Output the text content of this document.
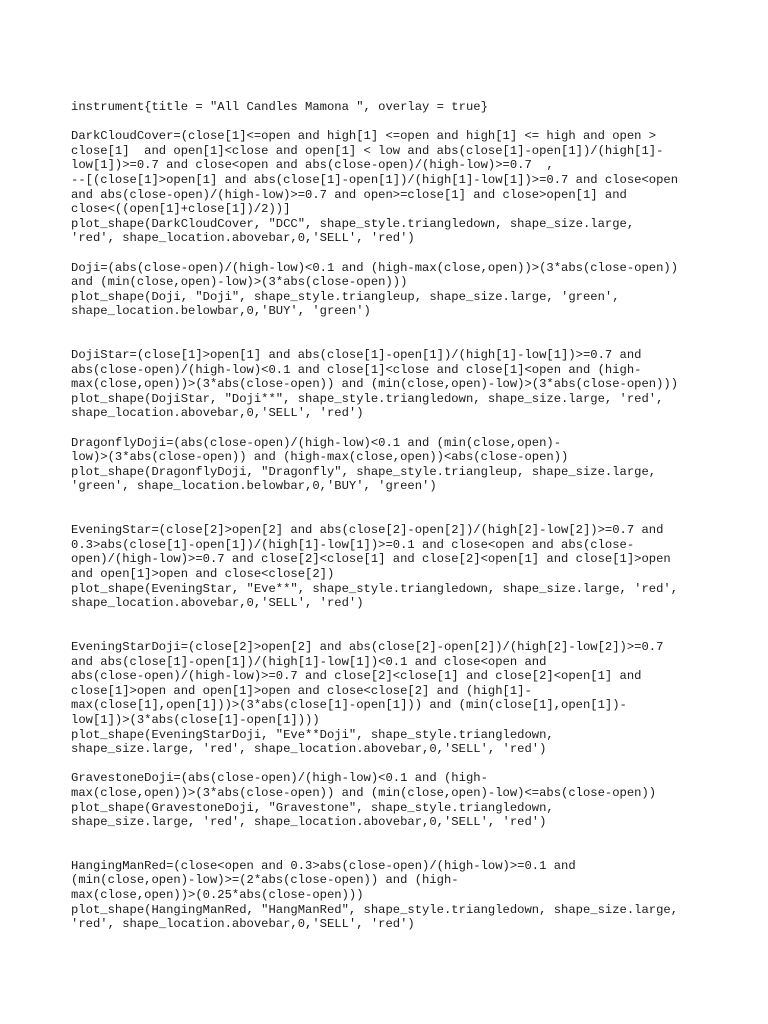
instrument{title = "All Candles Mamona ", overlay = true}
DarkCloudCover=(close[1]<=open and high[1] <=open and high[1] <= high and open >
close[1]  and open[1]<close and open[1] < low and abs(close[1]-open[1])/(high[1]-
low[1])>=0.7 and close<open and abs(close-open)/(high-low)>=0.7  ,
--[(close[1]>open[1] and abs(close[1]-open[1])/(high[1]-low[1])>=0.7 and close<open
and abs(close-open)/(high-low)>=0.7 and open>=close[1] and close>open[1] and
close<((open[1]+close[1])/2))]
plot_shape(DarkCloudCover, "DCC", shape_style.triangledown, shape_size.large,
'red', shape_location.abovebar,0,'SELL', 'red')
Doji=(abs(close-open)/(high-low)<0.1 and (high-max(close,open))>(3*abs(close-open))
and (min(close,open)-low)>(3*abs(close-open)))
plot_shape(Doji, "Doji", shape_style.triangleup, shape_size.large, 'green',
shape_location.belowbar,0,'BUY', 'green')
DojiStar=(close[1]>open[1] and abs(close[1]-open[1])/(high[1]-low[1])>=0.7 and
abs(close-open)/(high-low)<0.1 and close[1]<close and close[1]<open and (high-
max(close,open))>(3*abs(close-open)) and (min(close,open)-low)>(3*abs(close-open)))
plot_shape(DojiStar, "Doji**", shape_style.triangledown, shape_size.large, 'red',
shape_location.abovebar,0,'SELL', 'red')
DragonflyDoji=(abs(close-open)/(high-low)<0.1 and (min(close,open)-
low)>(3*abs(close-open)) and (high-max(close,open))<abs(close-open))
plot_shape(DragonflyDoji, "Dragonfly", shape_style.triangleup, shape_size.large,
'green', shape_location.belowbar,0,'BUY', 'green')
EveningStar=(close[2]>open[2] and abs(close[2]-open[2])/(high[2]-low[2])>=0.7 and
0.3>abs(close[1]-open[1])/(high[1]-low[1])>=0.1 and close<open and abs(close-
open)/(high-low)>=0.7 and close[2]<close[1] and close[2]<open[1] and close[1]>open
and open[1]>open and close<close[2])
plot_shape(EveningStar, "Eve**", shape_style.triangledown, shape_size.large, 'red',
shape_location.abovebar,0,'SELL', 'red')
EveningStarDoji=(close[2]>open[2] and abs(close[2]-open[2])/(high[2]-low[2])>=0.7
and abs(close[1]-open[1])/(high[1]-low[1])<0.1 and close<open and
abs(close-open)/(high-low)>=0.7 and close[2]<close[1] and close[2]<open[1] and
close[1]>open and open[1]>open and close<close[2] and (high[1]-
max(close[1],open[1]))>(3*abs(close[1]-open[1])) and (min(close[1],open[1])-
low[1])>(3*abs(close[1]-open[1])))
plot_shape(EveningStarDoji, "Eve**Doji", shape_style.triangledown,
shape_size.large, 'red', shape_location.abovebar,0,'SELL', 'red')
GravestoneDoji=(abs(close-open)/(high-low)<0.1 and (high-
max(close,open))>(3*abs(close-open)) and (min(close,open)-low)<=abs(close-open))
plot_shape(GravestoneDoji, "Gravestone", shape_style.triangledown,
shape_size.large, 'red', shape_location.abovebar,0,'SELL', 'red')
HangingManRed=(close<open and 0.3>abs(close-open)/(high-low)>=0.1 and
(min(close,open)-low)>=(2*abs(close-open)) and (high-
max(close,open))>(0.25*abs(close-open)))
plot_shape(HangingManRed, "HangManRed", shape_style.triangledown, shape_size.large,
'red', shape_location.abovebar,0,'SELL', 'red')
